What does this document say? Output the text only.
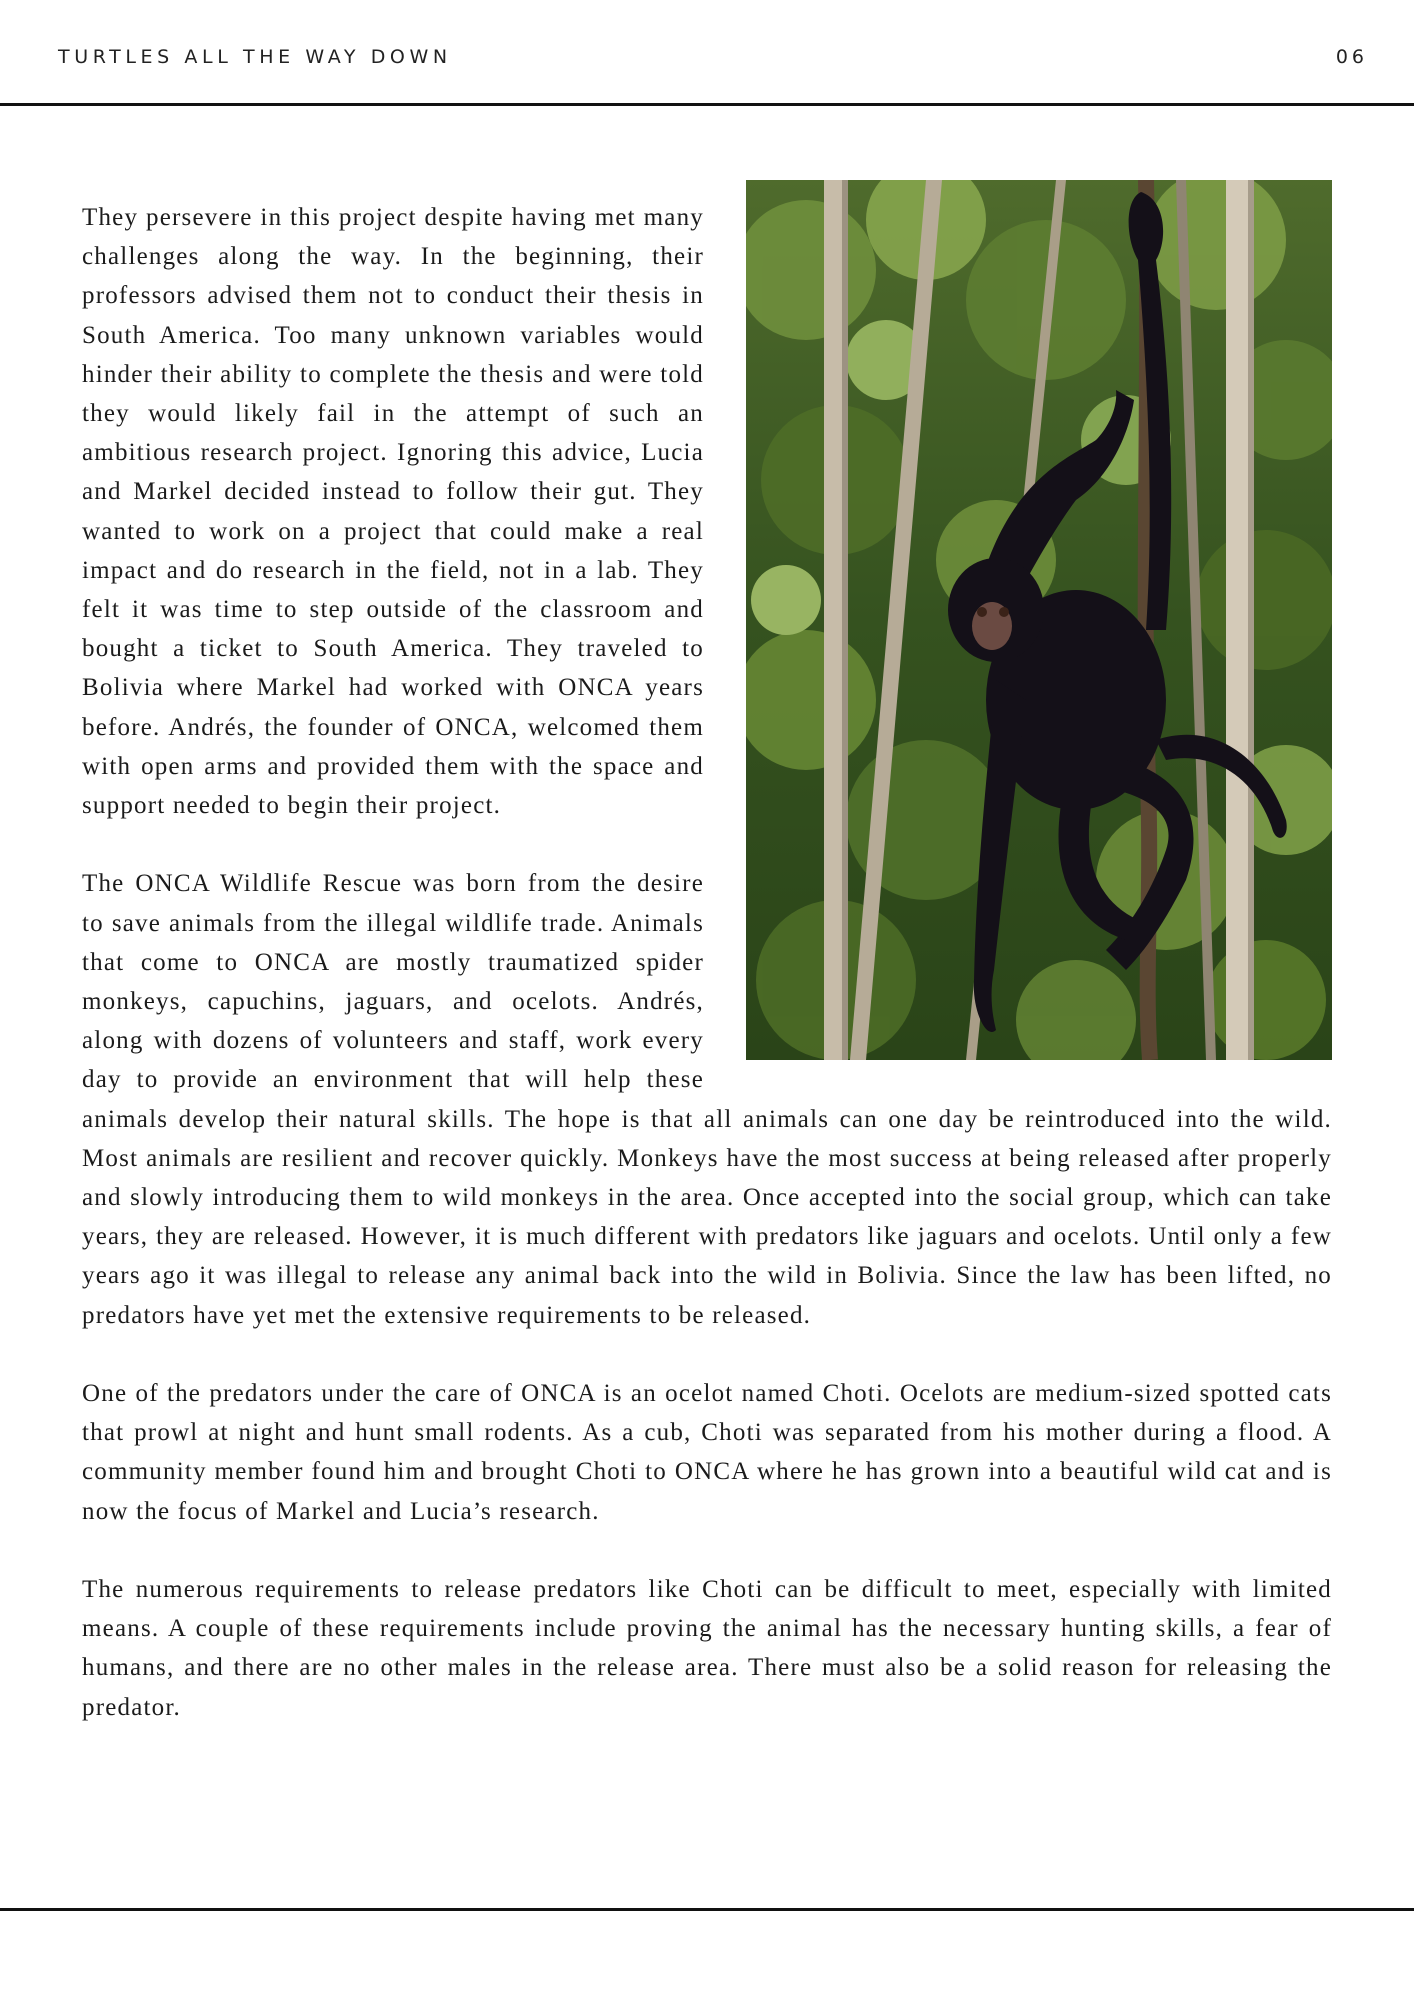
TURTLES ALL THE WAY DOWN	06

They persevere in this project despite having met many challenges along the way. In the beginning, their professors advised them not to conduct their thesis in South America. Too many unknown variables would hinder their ability to complete the thesis and were told they would likely fail in the attempt of such an ambitious research project. Ignoring this advice, Lucia and Markel decided instead to follow their gut. They wanted to work on a project that could make a real impact and do research in the field, not in a lab. They felt it was time to step outside of the classroom and bought a ticket to South America. They traveled to Bolivia where Markel had worked with ONCA years before. Andrés, the founder of ONCA, welcomed them with open arms and provided them with the space and support needed to begin their project.

The ONCA Wildlife Rescue was born from the desire to save animals from the illegal wildlife trade. Animals that come to ONCA are mostly traumatized spider monkeys, capuchins, jaguars, and ocelots. Andrés, along with dozens of volunteers and staff, work every day to provide an environment that will help these animals develop their natural skills. The hope is that all animals can one day be reintroduced into the wild. Most animals are resilient and recover quickly. Monkeys have the most success at being released after properly and slowly introducing them to wild monkeys in the area. Once accepted into the social group, which can take years, they are released. However, it is much different with predators like jaguars and ocelots. Until only a few years ago it was illegal to release any animal back into the wild in Bolivia. Since the law has been lifted, no predators have yet met the extensive requirements to be released.

One of the predators under the care of ONCA is an ocelot named Choti. Ocelots are medium-sized spotted cats that prowl at night and hunt small rodents. As a cub, Choti was separated from his mother during a flood. A community member found him and brought Choti to ONCA where he has grown into a beautiful wild cat and is now the focus of Markel and Lucia’s research.

The numerous requirements to release predators like Choti can be difficult to meet, especially with limited means. A couple of these requirements include proving the animal has the necessary hunting skills, a fear of humans, and there are no other males in the release area. There must also be a solid reason for releasing the predator.
